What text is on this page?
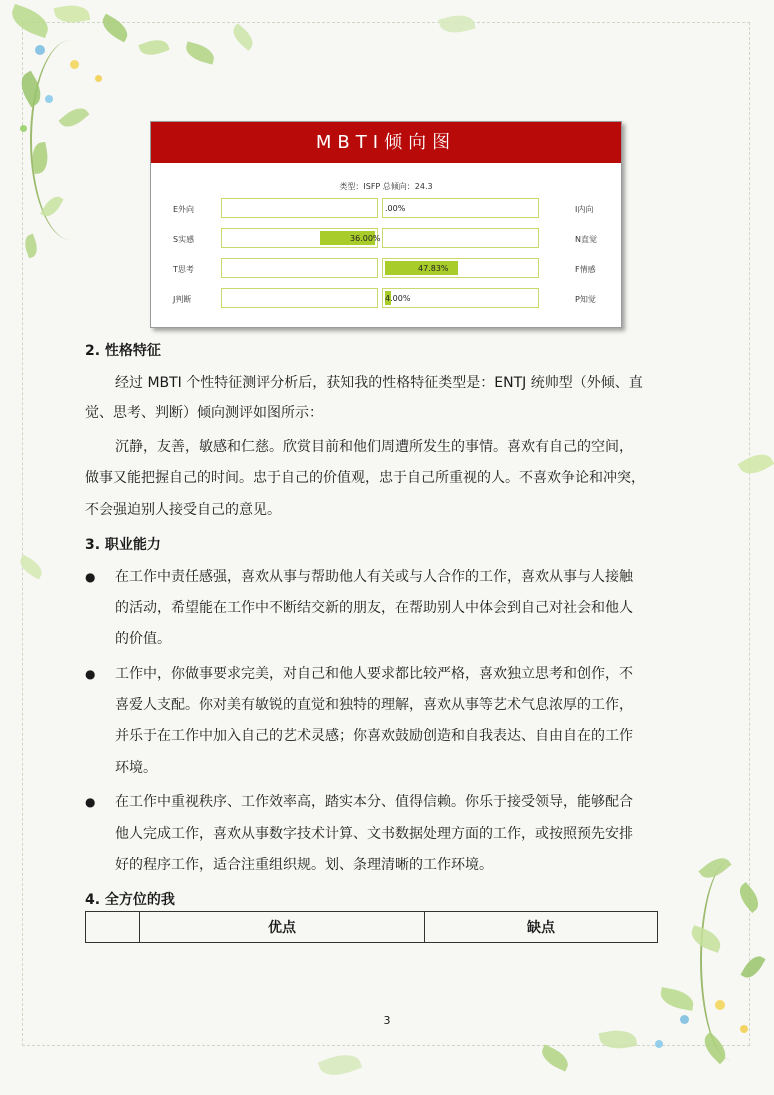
MBTI倾向图
类型：ISFP 总倾向：24.3
E外向	I内向
.00%
S实感	N直觉
36.00%
T思考	F情感
47.83%
J判断	P知觉
4.00%
2. 性格特征
经过 MBTI 个性特征测评分析后，获知我的性格特征类型是：ENTJ 统帅型（外倾、直
觉、思考、判断）倾向测评如图所示：
沉静，友善，敏感和仁慈。欣赏目前和他们周遭所发生的事情。喜欢有自己的空间，
做事又能把握自己的时间。忠于自己的价值观，忠于自己所重视的人。不喜欢争论和冲突，
不会强迫别人接受自己的意见。
3. 职业能力
● 在工作中责任感强，喜欢从事与帮助他人有关或与人合作的工作，喜欢从事与人接触
的活动，希望能在工作中不断结交新的朋友，在帮助别人中体会到自己对社会和他人
的价值。
● 工作中，你做事要求完美，对自己和他人要求都比较严格，喜欢独立思考和创作，不
喜爱人支配。你对美有敏锐的直觉和独特的理解，喜欢从事等艺术气息浓厚的工作，
并乐于在工作中加入自己的艺术灵感；你喜欢鼓励创造和自我表达、自由自在的工作
环境。
● 在工作中重视秩序、工作效率高，踏实本分、值得信赖。你乐于接受领导，能够配合
他人完成工作，喜欢从事数字技术计算、文书数据处理方面的工作，或按照预先安排
好的程序工作，适合注重组织规。划、条理清晰的工作环境。
4. 全方位的我
	优点	缺点
3
